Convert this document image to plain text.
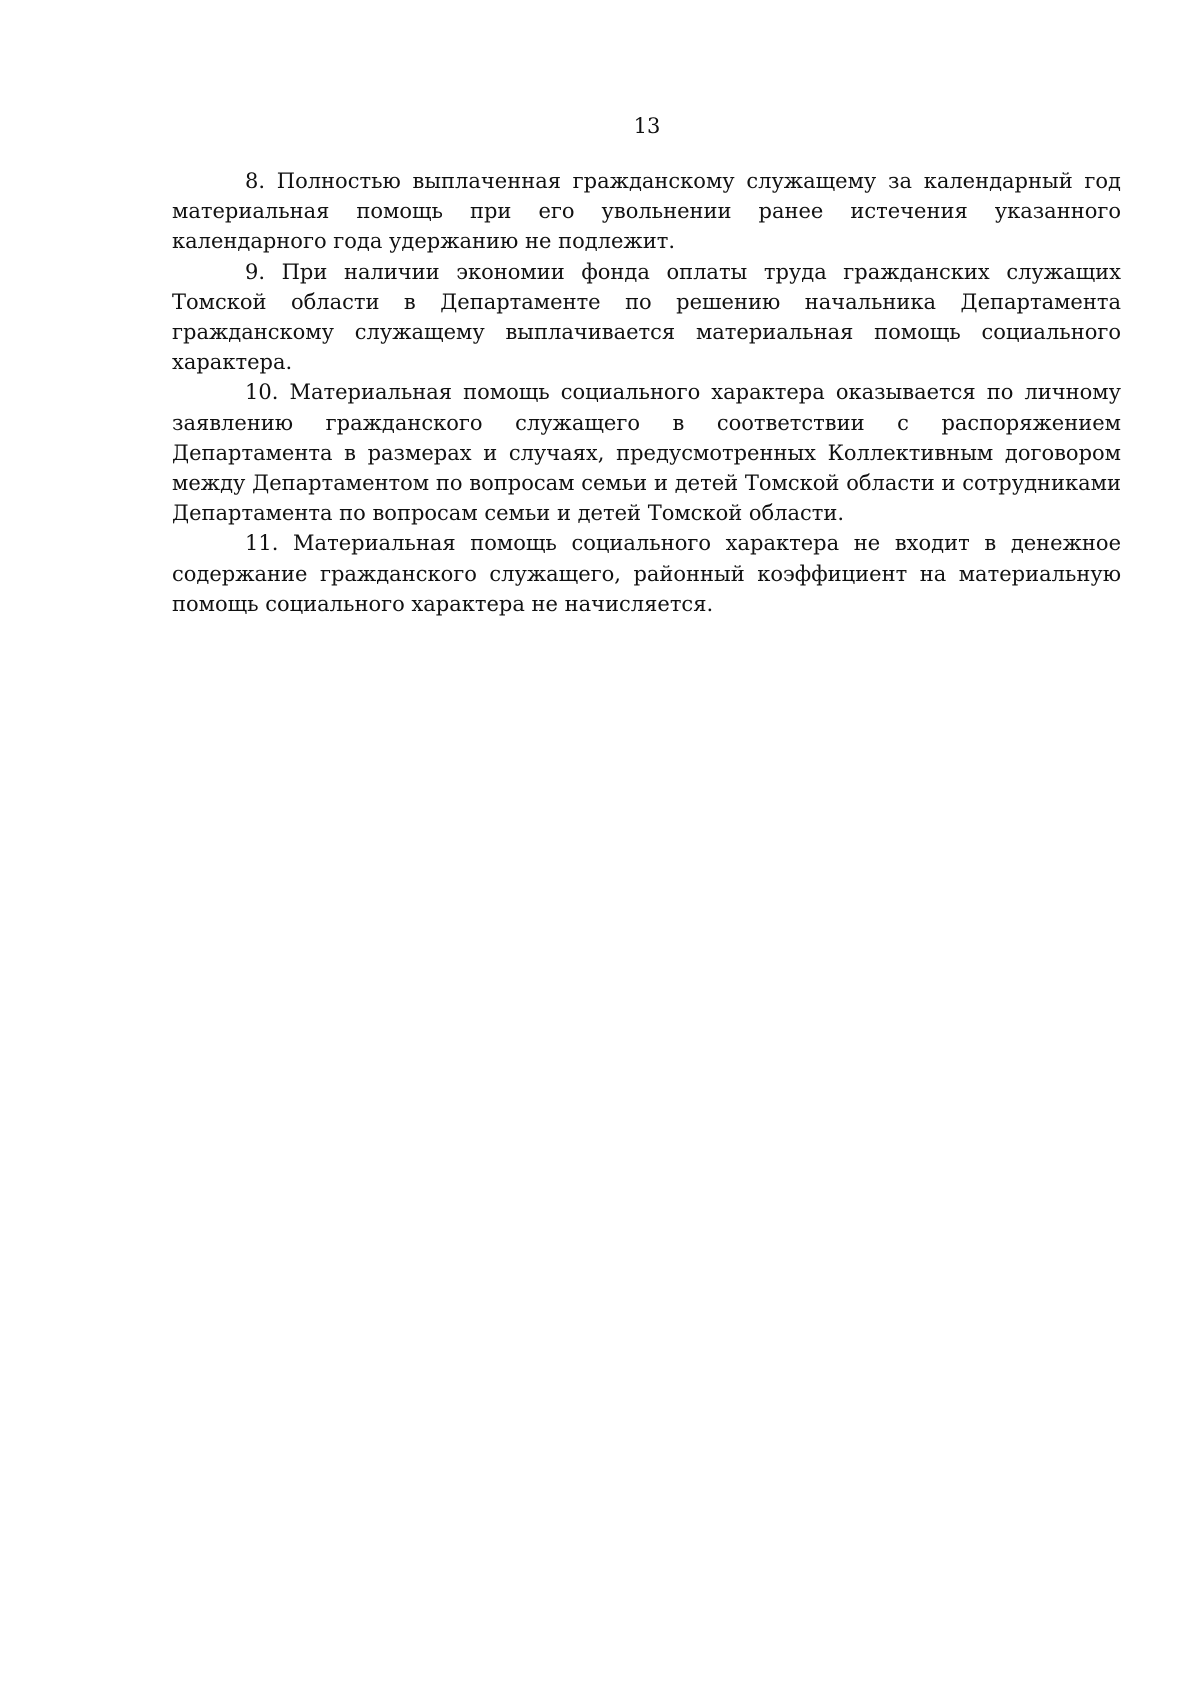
13

8. Полностью выплаченная гражданскому служащему за календарный год материальная помощь при его увольнении ранее истечения указанного календарного года удержанию не подлежит.

9. При наличии экономии фонда оплаты труда гражданских служащих Томской области в Департаменте по решению начальника Департамента гражданскому служащему выплачивается материальная помощь социального характера.

10. Материальная помощь социального характера оказывается по личному заявлению гражданского служащего в соответствии с распоряжением Департамента в размерах и случаях, предусмотренных Коллективным договором между Департаментом по вопросам семьи и детей Томской области и сотрудниками Департамента по вопросам семьи и детей Томской области.

11. Материальная помощь социального характера не входит в денежное содержание гражданского служащего, районный коэффициент на материальную помощь социального характера не начисляется.
